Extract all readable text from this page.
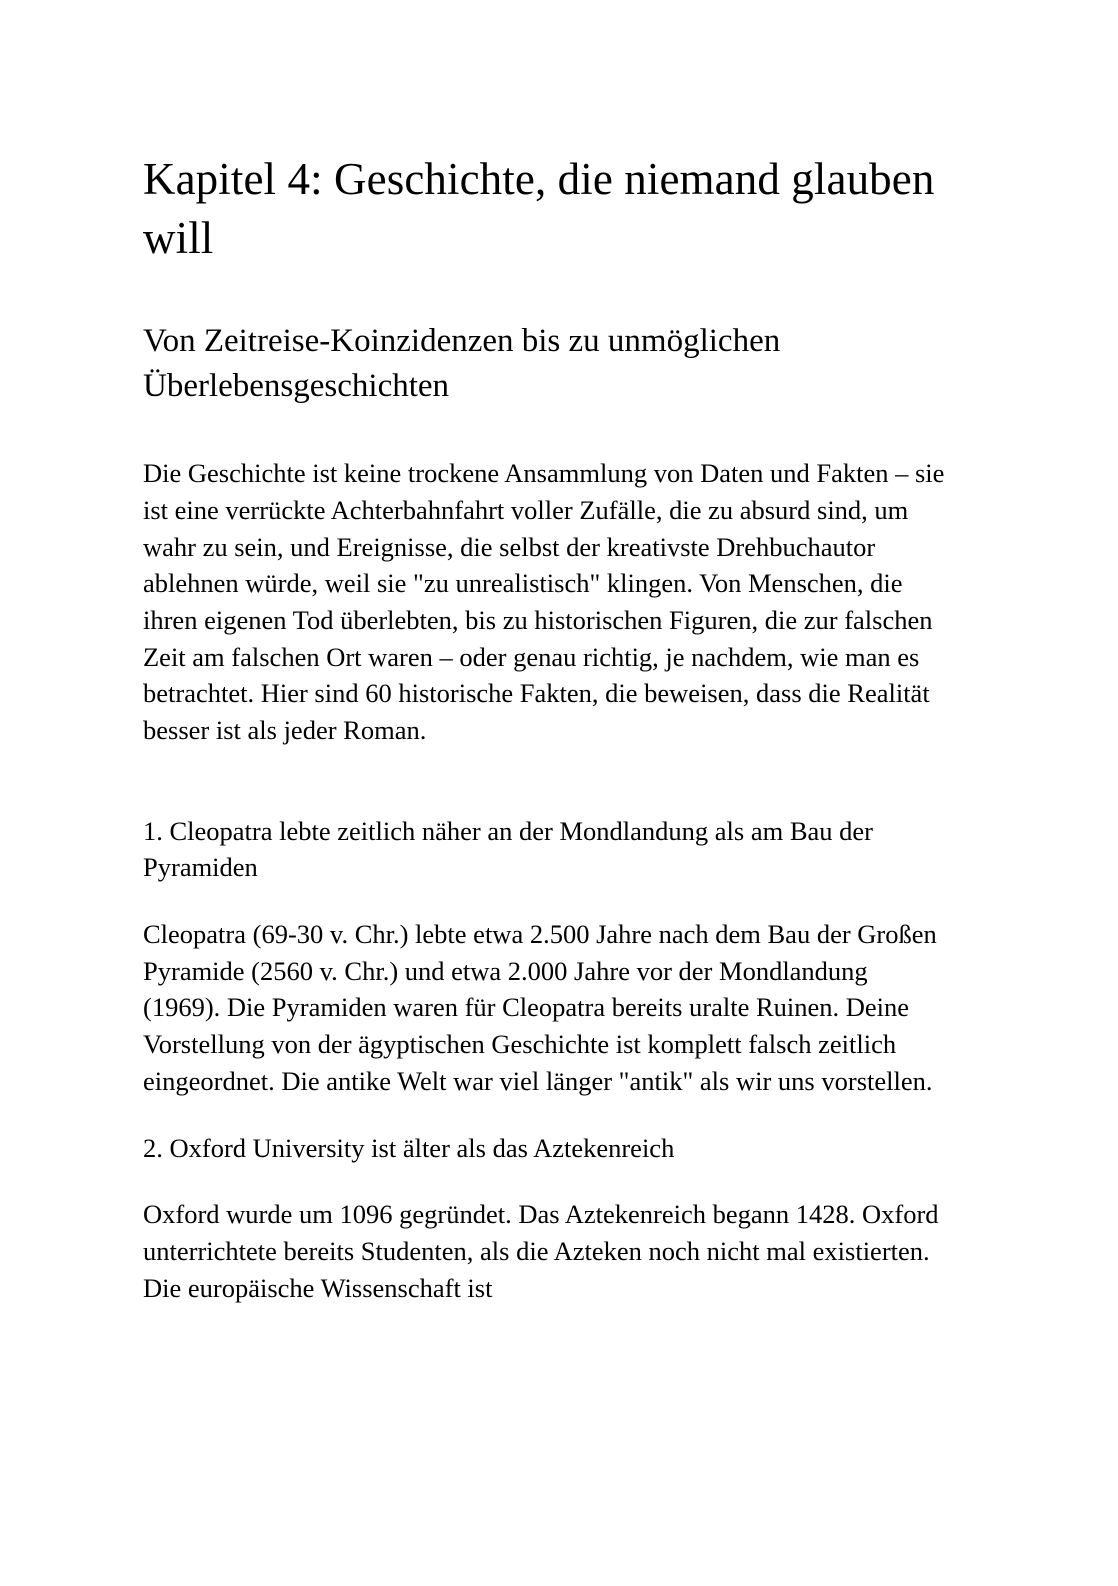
Kapitel 4: Geschichte, die niemand glauben will
Von Zeitreise-Koinzidenzen bis zu unmöglichen Überlebensgeschichten

Die Geschichte ist keine trockene Ansammlung von Daten und Fakten – sie ist eine verrückte Achterbahnfahrt voller Zufälle, die zu absurd sind, um wahr zu sein, und Ereignisse, die selbst der kreativste Drehbuchautor ablehnen würde, weil sie "zu unrealistisch" klingen. Von Menschen, die ihren eigenen Tod überlebten, bis zu historischen Figuren, die zur falschen Zeit am falschen Ort waren – oder genau richtig, je nachdem, wie man es betrachtet. Hier sind 60 historische Fakten, die beweisen, dass die Realität besser ist als jeder Roman.

1. Cleopatra lebte zeitlich näher an der Mondlandung als am Bau der Pyramiden

Cleopatra (69-30 v. Chr.) lebte etwa 2.500 Jahre nach dem Bau der Großen Pyramide (2560 v. Chr.) und etwa 2.000 Jahre vor der Mondlandung (1969). Die Pyramiden waren für Cleopatra bereits uralte Ruinen. Deine Vorstellung von der ägyptischen Geschichte ist komplett falsch zeitlich eingeordnet. Die antike Welt war viel länger "antik" als wir uns vorstellen.

2. Oxford University ist älter als das Aztekenreich

Oxford wurde um 1096 gegründet. Das Aztekenreich begann 1428. Oxford unterrichtete bereits Studenten, als die Azteken noch nicht mal existierten. Die europäische Wissenschaft ist
